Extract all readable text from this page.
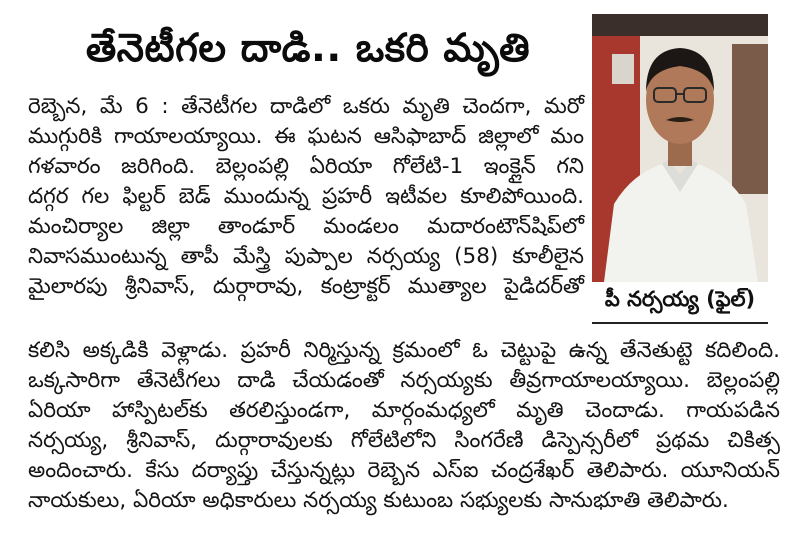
తేనెటీగల దాడి.. ఒకరి మృతి
రెబ్బెన, మే 6 : తేనెటీగల దాడిలో ఒకరు మృతి చెందగా, మరో
ముగ్గురికి గాయాలయ్యాయి. ఈ ఘటన ఆసిఫాబాద్ జిల్లాలో మం
గళవారం జరిగింది. బెల్లంపల్లి ఏరియా గోలేటి-1 ఇంక్లైన్ గని
దగ్గర గల ఫిల్టర్ బెడ్ ముందున్న ప్రహరీ ఇటీవల కూలిపోయింది.
మంచిర్యాల జిల్లా తాండూర్ మండలం మదారంటౌన్‌షిప్‌లో
నివాసముంటున్న తాపీ మేస్త్రి పుప్పాల నర్సయ్య (58) కూలీలైన
మైలారపు శ్రీనివాస్, దుర్గారావు, కంట్రాక్టర్ ముత్యాల పైడిదర్‌తో
కలిసి అక్కడికి వెళ్లాడు. ప్రహరీ నిర్మిస్తున్న క్రమంలో ఓ చెట్టుపై ఉన్న తేనెతుట్టె కదిలింది.
ఒక్కసారిగా తేనెటీగలు దాడి చేయడంతో నర్సయ్యకు తీవ్రగాయాలయ్యాయి. బెల్లంపల్లి
ఏరియా హాస్పిటల్‌కు తరలిస్తుండగా, మార్గంమధ్యలో మృతి చెందాడు. గాయపడిన
నర్సయ్య, శ్రీనివాస్, దుర్గారావులకు గోలేటిలోని సింగరేణి డిస్పెన్సరీలో ప్రథమ చికిత్స
అందించారు. కేసు దర్యాప్తు చేస్తున్నట్లు రెబ్బెన ఎస్ఐ చంద్రశేఖర్ తెలిపారు. యూనియన్
నాయకులు, ఏరియా అధికారులు నర్సయ్య కుటుంబ సభ్యులకు సానుభూతి తెలిపారు.
పీ నర్సయ్య (ఫైల్)
